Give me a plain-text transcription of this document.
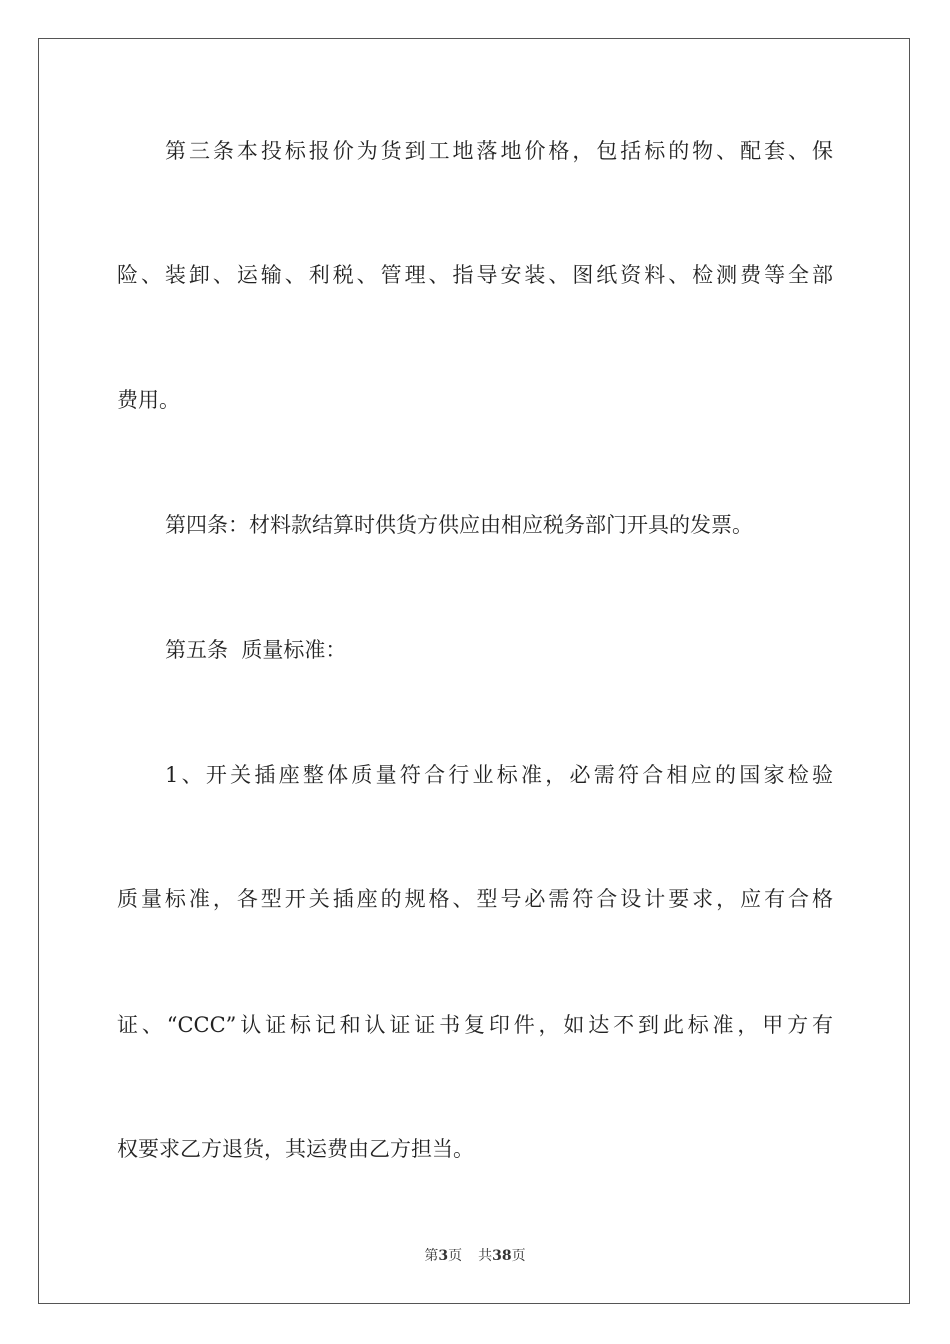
第三条本投标报价为货到工地落地价格，包括标的物、配套、保
险、装卸、运输、利税、管理、指导安装、图纸资料、检测费等全部
费用。
第四条：材料款结算时供货方供应由相应税务部门开具的发票。
第五条  质量标准：
1、开关插座整体质量符合行业标准，必需符合相应的国家检验
质量标准，各型开关插座的规格、型号必需符合设计要求，应有合格
证、“CCC”认证标记和认证证书复印件，如达不到此标准，甲方有
权要求乙方退货，其运费由乙方担当。
第3页 共38页
